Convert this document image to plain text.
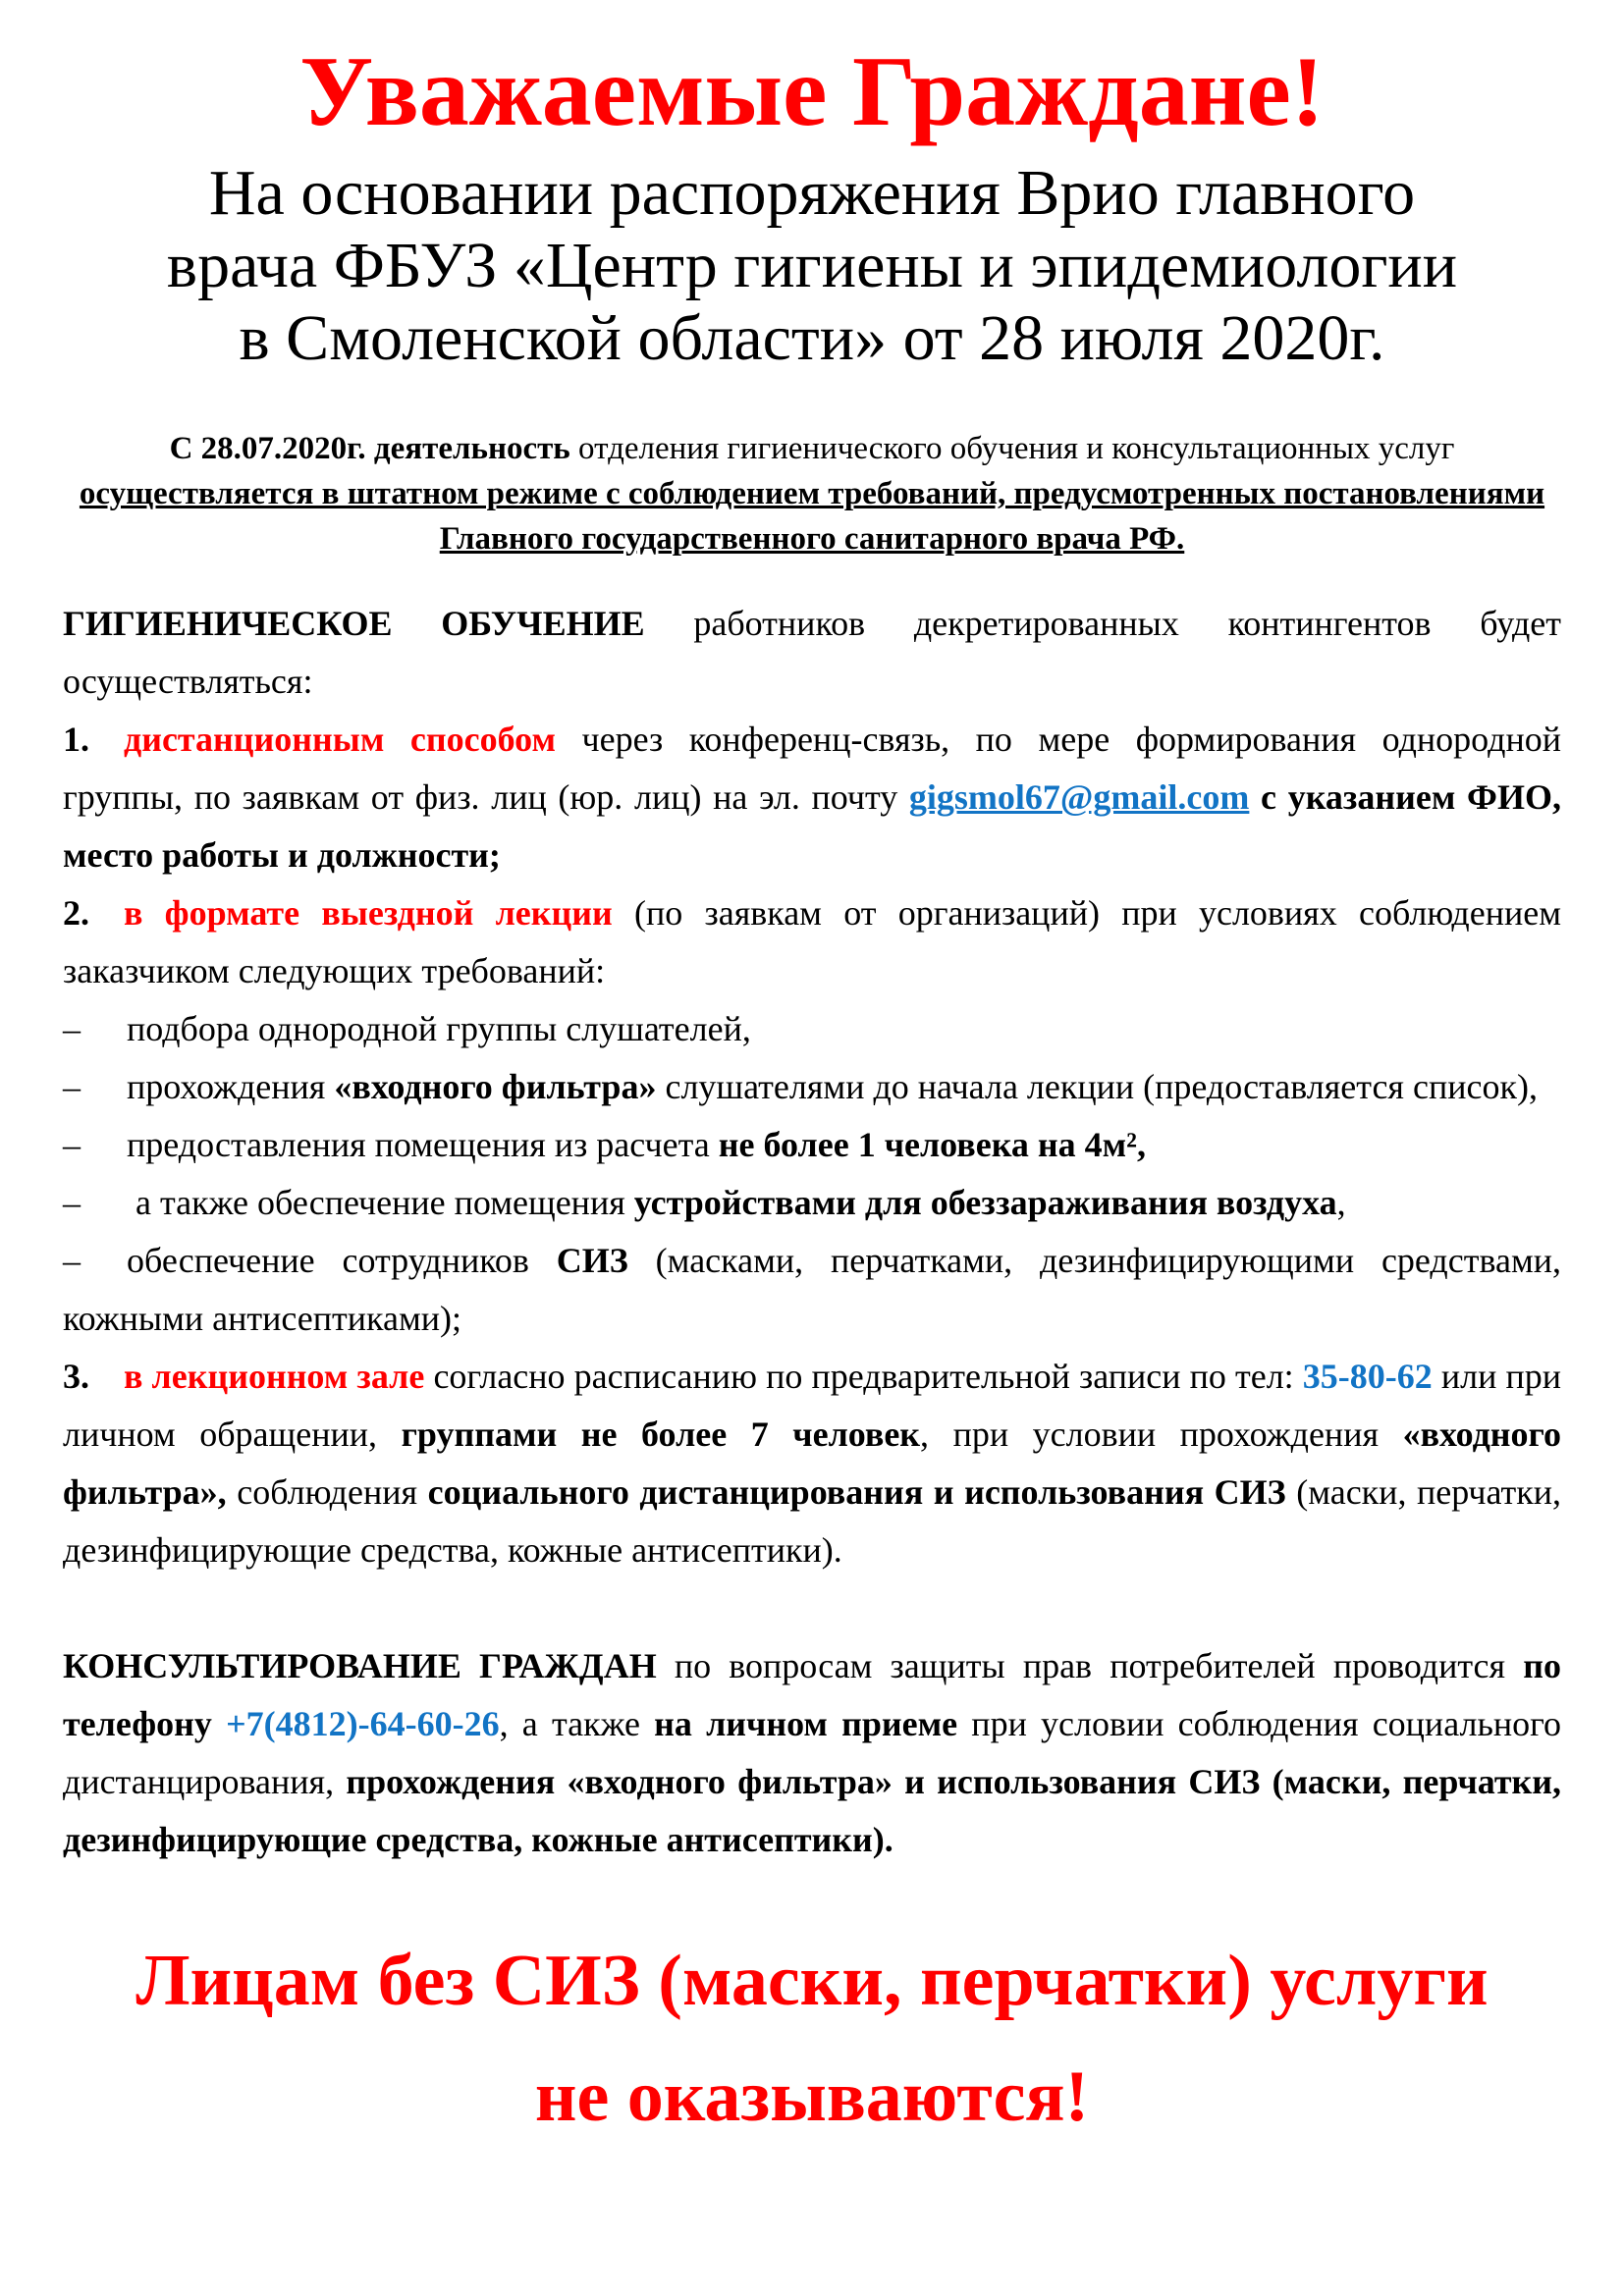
Уважаемые Граждане!
На основании распоряжения Врио главного
врача ФБУЗ «Центр гигиены и эпидемиологии
в Смоленской области» от 28 июля 2020г.

С 28.07.2020г. деятельность отделения гигиенического обучения и консультационных услуг осуществляется в штатном режиме с соблюдением требований, предусмотренных постановлениями Главного государственного санитарного врача РФ.

ГИГИЕНИЧЕСКОЕ ОБУЧЕНИЕ работников декретированных контингентов будет осуществляться:

1. дистанционным способом через конференц-связь, по мере формирования однородной группы, по заявкам от физ. лиц (юр. лиц) на эл. почту gigsmol67@gmail.com с указанием ФИО, место работы и должности;

2. в формате выездной лекции (по заявкам от организаций) при условиях соблюдением заказчиком следующих требований:

– подбора однородной группы слушателей,

– прохождения «входного фильтра» слушателями до начала лекции (предоставляется список),

– предоставления помещения из расчета не более 1 человека на 4м²,

– а также обеспечение помещения устройствами для обеззараживания воздуха,

– обеспечение сотрудников СИЗ (масками, перчатками, дезинфицирующими средствами, кожными антисептиками);

3. в лекционном зале согласно расписанию по предварительной записи по тел: 35-80-62 или при личном обращении, группами не более 7 человек, при условии прохождения «входного фильтра», соблюдения социального дистанцирования и использования СИЗ (маски, перчатки, дезинфицирующие средства, кожные антисептики).

КОНСУЛЬТИРОВАНИЕ ГРАЖДАН по вопросам защиты прав потребителей проводится по телефону +7(4812)-64-60-26, а также на личном приеме при условии соблюдения социального дистанцирования, прохождения «входного фильтра» и использования СИЗ (маски, перчатки, дезинфицирующие средства, кожные антисептики).

Лицам без СИЗ (маски, перчатки) услуги
не оказываются!
